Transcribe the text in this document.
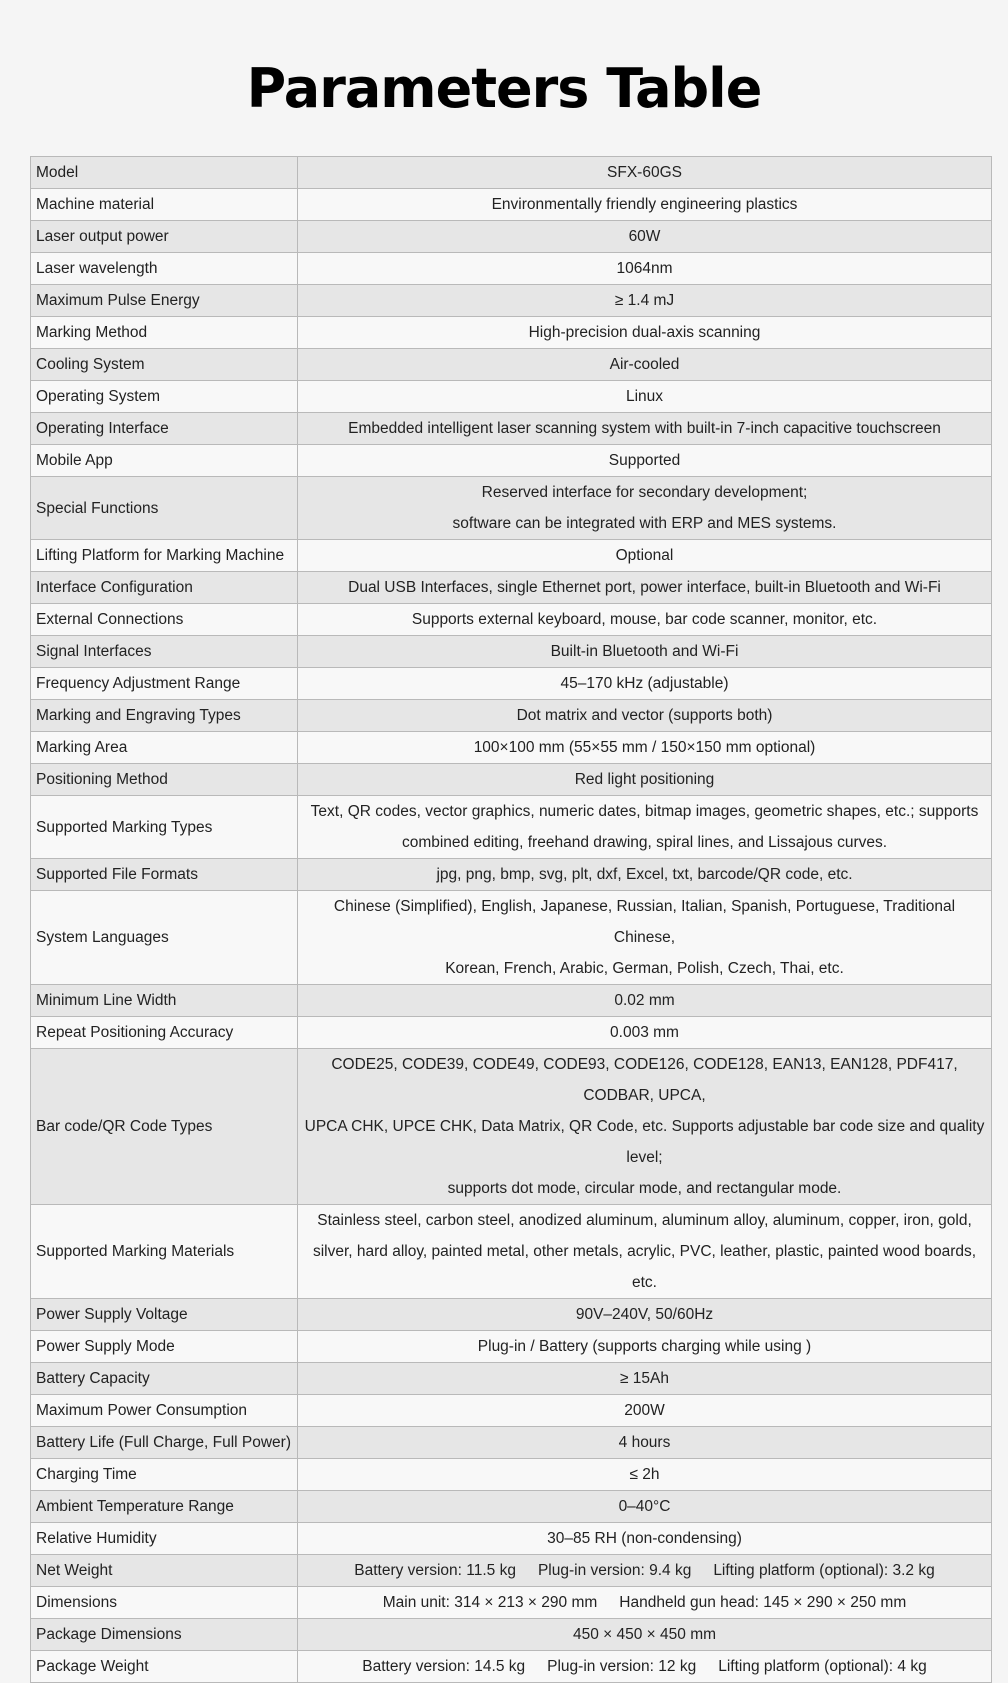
Parameters Table
Model	SFX-60GS

Machine material	Environmentally friendly engineering plastics

Laser output power	60W

Laser wavelength	1064nm

Maximum Pulse Energy	≥ 1.4 mJ

Marking Method	High-precision dual-axis scanning

Cooling System	Air-cooled

Operating System	Linux

Operating Interface	Embedded intelligent laser scanning system with built-in 7-inch capacitive touchscreen

Mobile App	Supported

Special Functions	Reserved interface for secondary development;
software can be integrated with ERP and MES systems.

Lifting Platform for Marking Machine	Optional

Interface Configuration	Dual USB Interfaces, single Ethernet port, power interface, built-in Bluetooth and Wi-Fi

External Connections	Supports external keyboard, mouse, bar code scanner, monitor, etc.

Signal Interfaces	Built-in Bluetooth and Wi-Fi

Frequency Adjustment Range	45–170 kHz (adjustable)

Marking and Engraving Types	Dot matrix and vector (supports both)

Marking Area	100×100 mm (55×55 mm / 150×150 mm optional)

Positioning Method	Red light positioning

Supported Marking Types	Text, QR codes, vector graphics, numeric dates, bitmap images, geometric shapes, etc.; supports
combined editing, freehand drawing, spiral lines, and Lissajous curves.

Supported File Formats	jpg, png, bmp, svg, plt, dxf, Excel, txt, barcode/QR code, etc.

System Languages	Chinese (Simplified), English, Japanese, Russian, Italian, Spanish, Portuguese, Traditional Chinese,
Korean, French, Arabic, German, Polish, Czech, Thai, etc.

Minimum Line Width	0.02 mm

Repeat Positioning Accuracy	0.003 mm

Bar code/QR Code Types	CODE25, CODE39, CODE49, CODE93, CODE126, CODE128, EAN13, EAN128, PDF417, CODBAR, UPCA,
UPCA CHK, UPCE CHK, Data Matrix, QR Code, etc. Supports adjustable bar code size and quality level;
supports dot mode, circular mode, and rectangular mode.

Supported Marking Materials	Stainless steel, carbon steel, anodized aluminum, aluminum alloy, aluminum, copper, iron, gold,
silver, hard alloy, painted metal, other metals, acrylic, PVC, leather, plastic, painted wood boards, etc.

Power Supply Voltage	90V–240V, 50/60Hz

Power Supply Mode	Plug-in / Battery (supports charging while using )

Battery Capacity	≥ 15Ah

Maximum Power Consumption	200W

Battery Life (Full Charge, Full Power)	4 hours

Charging Time	≤ 2h

Ambient Temperature Range	0–40°C

Relative Humidity	30–85 RH (non-condensing)

Net Weight	Battery version: 11.5 kg Plug-in version: 9.4 kg Lifting platform (optional): 3.2 kg
Dimensions	Main unit: 314 × 213 × 290 mm Handheld gun head: 145 × 290 × 250 mm
Package Dimensions	450 × 450 × 450 mm

Package Weight	Battery version: 14.5 kg Plug-in version: 12 kg Lifting platform (optional): 4 kg
